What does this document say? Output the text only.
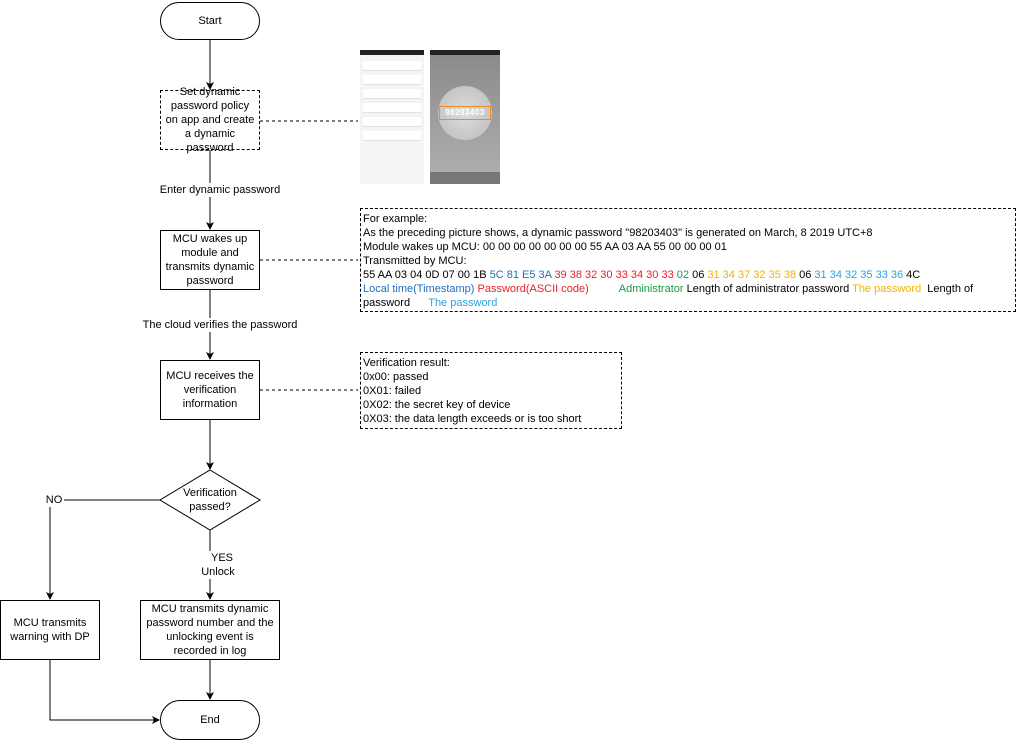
Start
Set dynamic password policy on app and create a dynamic password
Enter dynamic password
MCU wakes up module and transmits dynamic password
The cloud verifies the password
MCU receives the verification information
Verification passed?
NO
YES
Unlock
MCU transmits warning with DP
MCU transmits dynamic password number and the unlocking event is recorded in log
End
98203403
For example:
As the preceding picture shows, a dynamic password "98203403" is generated on March, 8 2019 UTC+8
Module wakes up MCU: 00 00 00 00 00 00 00 55 AA 03 AA 55 00 00 00 01
Transmitted by MCU:
55 AA 03 04 0D 07 00 1B 5C 81 E5 3A 39 38 32 30 33 34 30 33 02 06 31 34 37 32 35 38 06 31 34 32 35 33 36 4C
Local time(Timestamp) Password(ASCII code)          Administrator Length of administrator password The password  Length of password      The password
Verification result:
0x00: passed
0X01: failed
0X02: the secret key of device
0X03: the data length exceeds or is too short
